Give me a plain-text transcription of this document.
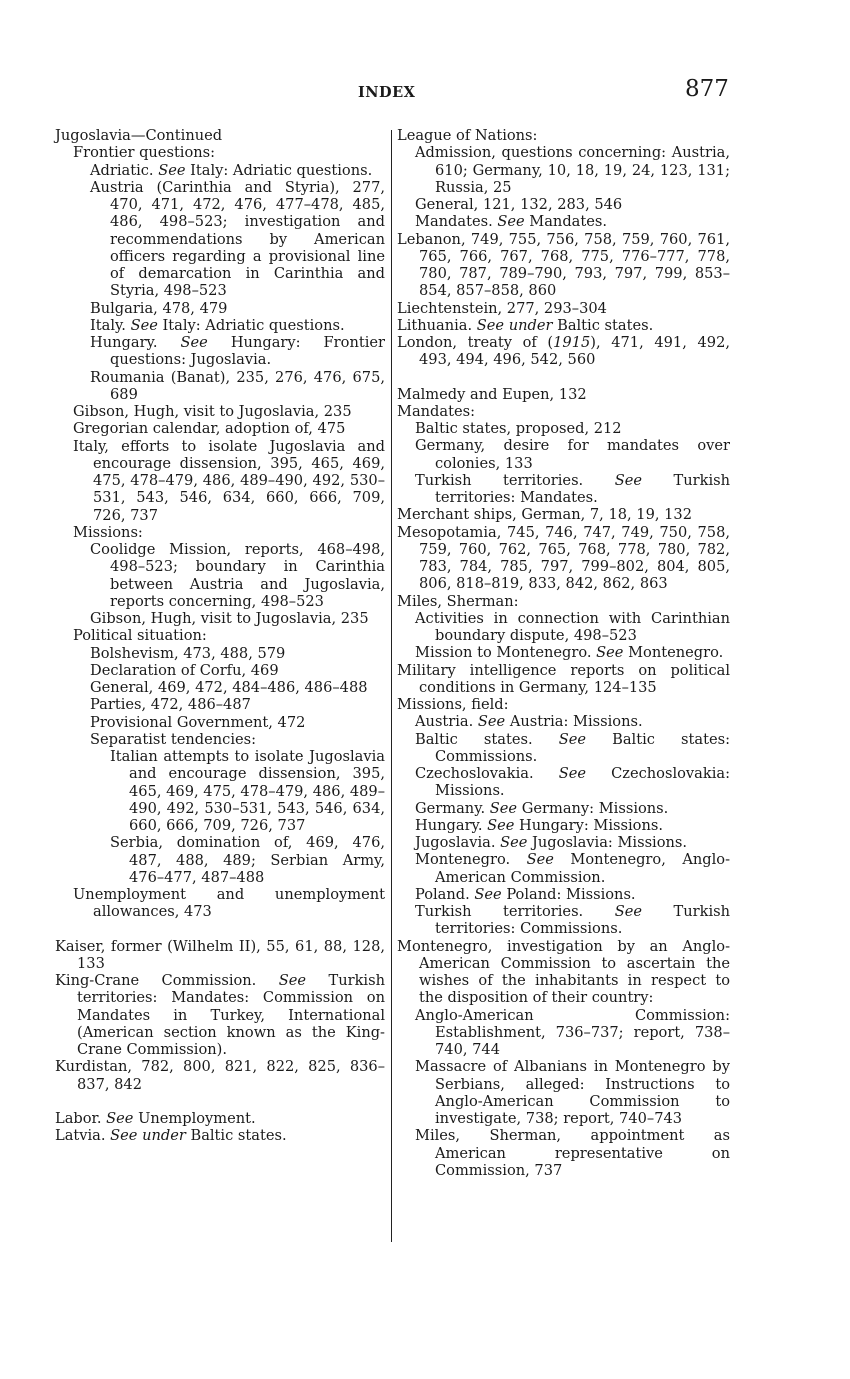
INDEX	877
Jugoslavia—Continued
Frontier questions:
Adriatic. See Italy: Adriatic questions.
Austria (Carinthia and Styria), 277, 470, 471, 472, 476, 477–478, 485, 486, 498–523; investigation and recommendations by American officers regarding a provisional line of demarcation in Carinthia and Styria, 498–523
Bulgaria, 478, 479
Italy. See Italy: Adriatic questions.
Hungary. See Hungary: Frontier questions: Jugoslavia.
Roumania (Banat), 235, 276, 476, 675, 689
Gibson, Hugh, visit to Jugoslavia, 235
Gregorian calendar, adoption of, 475
Italy, efforts to isolate Jugoslavia and encourage dissension, 395, 465, 469, 475, 478–479, 486, 489–490, 492, 530–531, 543, 546, 634, 660, 666, 709, 726, 737
Missions:
Coolidge Mission, reports, 468–498, 498–523; boundary in Carinthia between Austria and Jugoslavia, reports concerning, 498–523
Gibson, Hugh, visit to Jugoslavia, 235
Political situation:
Bolshevism, 473, 488, 579
Declaration of Corfu, 469
General, 469, 472, 484–486, 486–488
Parties, 472, 486–487
Provisional Government, 472
Separatist tendencies:
Italian attempts to isolate Jugoslavia and encourage dissension, 395, 465, 469, 475, 478–479, 486, 489–490, 492, 530–531, 543, 546, 634, 660, 666, 709, 726, 737
Serbia, domination of, 469, 476, 487, 488, 489; Serbian Army, 476–477, 487–488
Unemployment and unemployment allowances, 473
Kaiser, former (Wilhelm II), 55, 61, 88, 128, 133
King-Crane Commission. See Turkish territories: Mandates: Commission on Mandates in Turkey, International (American section known as the King-Crane Commission).
Kurdistan, 782, 800, 821, 822, 825, 836–837, 842
Labor. See Unemployment.
Latvia. See under Baltic states.
League of Nations:
Admission, questions concerning: Austria, 610; Germany, 10, 18, 19, 24, 123, 131; Russia, 25
General, 121, 132, 283, 546
Mandates. See Mandates.
Lebanon, 749, 755, 756, 758, 759, 760, 761, 765, 766, 767, 768, 775, 776–777, 778, 780, 787, 789–790, 793, 797, 799, 853–854, 857–858, 860
Liechtenstein, 277, 293–304
Lithuania. See under Baltic states.
London, treaty of (1915), 471, 491, 492, 493, 494, 496, 542, 560
Malmedy and Eupen, 132
Mandates:
Baltic states, proposed, 212
Germany, desire for mandates over colonies, 133
Turkish territories. See Turkish territories: Mandates.
Merchant ships, German, 7, 18, 19, 132
Mesopotamia, 745, 746, 747, 749, 750, 758, 759, 760, 762, 765, 768, 778, 780, 782, 783, 784, 785, 797, 799–802, 804, 805, 806, 818–819, 833, 842, 862, 863
Miles, Sherman:
Activities in connection with Carinthian boundary dispute, 498–523
Mission to Montenegro. See Montenegro.
Military intelligence reports on political conditions in Germany, 124–135
Missions, field:
Austria. See Austria: Missions.
Baltic states. See Baltic states: Commissions.
Czechoslovakia. See Czechoslovakia: Missions.
Germany. See Germany: Missions.
Hungary. See Hungary: Missions.
Jugoslavia. See Jugoslavia: Missions.
Montenegro. See Montenegro, Anglo-American Commission.
Poland. See Poland: Missions.
Turkish territories. See Turkish territories: Commissions.
Montenegro, investigation by an Anglo-American Commission to ascertain the wishes of the inhabitants in respect to the disposition of their country:
Anglo-American Commission: Establishment, 736–737; report, 738–740, 744
Massacre of Albanians in Montenegro by Serbians, alleged: Instructions to Anglo-American Commission to investigate, 738; report, 740–743
Miles, Sherman, appointment as American representative on Commission, 737
